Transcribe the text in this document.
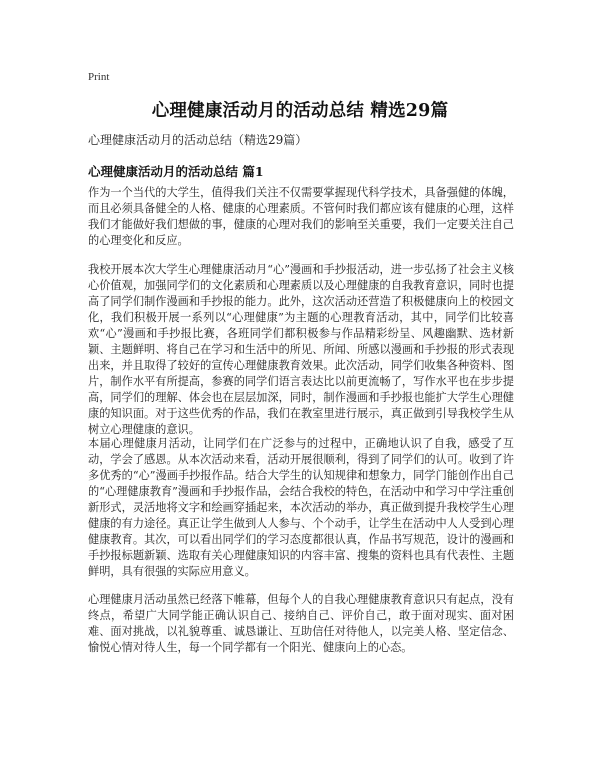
Print
心理健康活动月的活动总结 精选29篇
心理健康活动月的活动总结（精选29篇）
心理健康活动月的活动总结 篇1

作为一个当代的大学生，值得我们关注不仅需要掌握现代科学技术，具备强健的体魄，而且必须具备健全的人格、健康的心理素质。不管何时我们都应该有健康的心理，这样我们才能做好我们想做的事，健康的心理对我们的影响至关重要，我们一定要关注自己的心理变化和反应。

我校开展本次大学生心理健康活动月“心”漫画和手抄报活动，进一步弘扬了社会主义核心价值观，加强同学们的文化素质和心理素质以及心理健康的自我教育意识，同时也提高了同学们制作漫画和手抄报的能力。此外，这次活动还营造了积极健康向上的校园文化，我们积极开展一系列以“心理健康”为主题的心理教育活动，其中，同学们比较喜欢“心”漫画和手抄报比赛，各班同学们都积极参与作品精彩纷呈、风趣幽默、选材新颖、主题鲜明、将自己在学习和生活中的所见、所闻、所感以漫画和手抄报的形式表现出来，并且取得了较好的宣传心理健康教育效果。此次活动，同学们收集各种资料、图片，制作水平有所提高，参赛的同学们语言表达比以前更流畅了，写作水平也在步步提高，同学们的理解、体会也在层层加深，同时，制作漫画和手抄报也能扩大学生心理健康的知识面。对于这些优秀的作品，我们在教室里进行展示，真正做到引导我校学生从树立心理健康的意识。

本届心理健康月活动，让同学们在广泛参与的过程中，正确地认识了自我，感受了互动，学会了感恩。从本次活动来看，活动开展很顺利，得到了同学们的认可。收到了许多优秀的“心”漫画手抄报作品。结合大学生的认知规律和想象力，同学门能创作出自己的“心理健康教育”漫画和手抄报作品，会结合我校的特色，在活动中和学习中学注重创新形式，灵活地将文字和绘画穿插起来，本次活动的举办，真正做到提升我校学生心理健康的有力途径。真正让学生做到人人参与、个个动手，让学生在活动中人人受到心理健康教育。其次，可以看出同学们的学习态度都很认真，作品书写规范，设计的漫画和手抄报标题新颖、选取有关心理健康知识的内容丰富、搜集的资料也具有代表性、主题鲜明，具有很强的实际应用意义。

心理健康月活动虽然已经落下帷幕，但每个人的自我心理健康教育意识只有起点，没有终点，希望广大同学能正确认识自己、接纳自己、评价自己，敢于面对现实、面对困难、面对挑战，以礼貌尊重、诚恳谦让、互助信任对待他人，以完美人格、坚定信念、愉悦心情对待人生，每一个同学都有一个阳光、健康向上的心态。
